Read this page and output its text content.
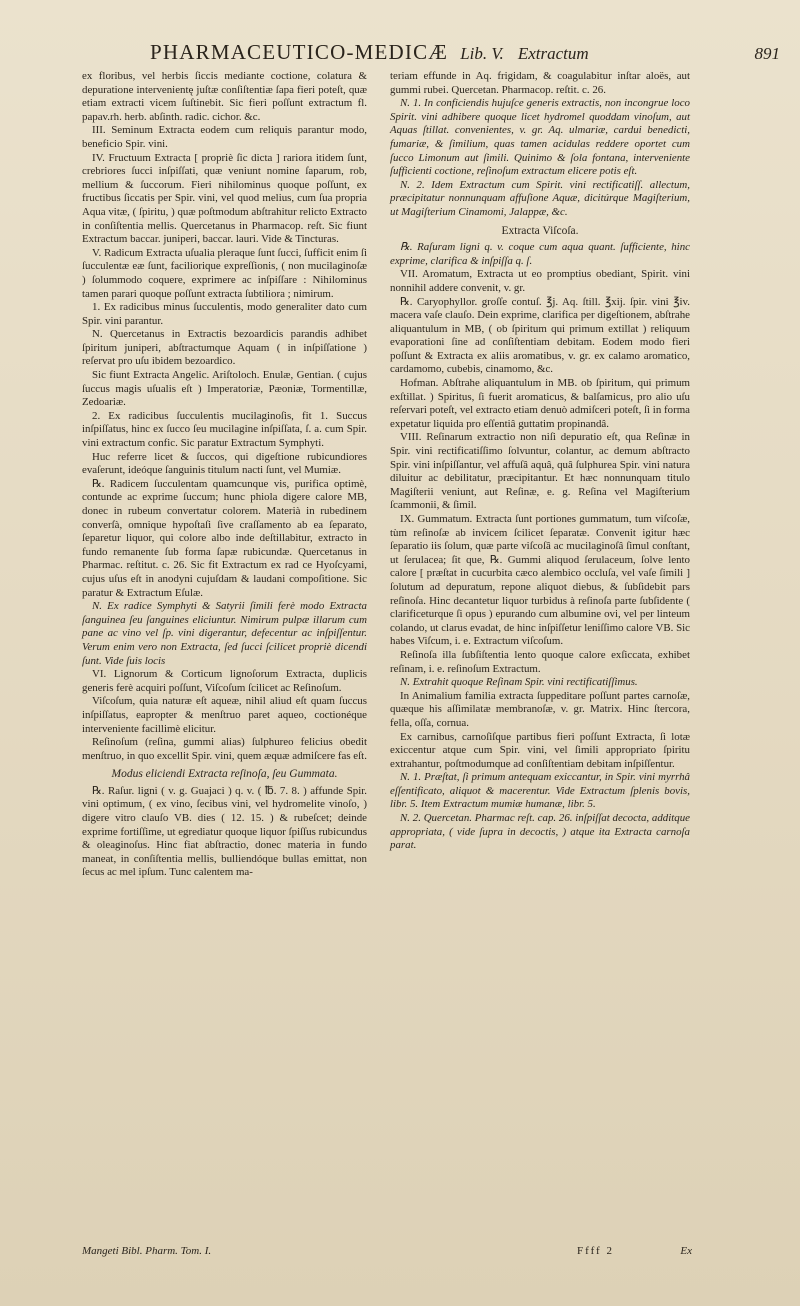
PHARMACEUTICO-MEDICÆ Lib. V. Extractum	891

ex floribus, vel herbis ſiccis mediante coctione, colatura & depuratione intervenientę juſtæ conſiſtentiæ ſapa fieri poteſt, quæ etiam extracti vicem ſuſtinebit. Sic fieri poſſunt extractum fl. papav.rh. herb. abſinth. radic. cichor. &c.

III. Seminum Extracta eodem cum reliquis parantur modo, beneficio Spir. vini.

IV. Fructuum Extracta [ propriè ſic dicta ] rariora itidem ſunt, crebriores ſucci inſpiſſati, quæ veniunt nomine ſaparum, rob, mellium & ſuccorum. Fieri nihilominus quoque poſſunt, ex fructibus ſiccatis per Spir. vini, vel quod melius, cum ſua propria Aqua vitæ, ( ſpiritu, ) quæ poſtmodum abſtrahitur relicto Extracto in conſiſtentia mellis. Quercetanus in Pharmacop. reſt. Sic fiunt Extractum baccar. juniperi, baccar. lauri. Vide & Tincturas.

V. Radicum Extracta uſualia pleraque ſunt ſucci, ſufficit enim ſi ſucculentæ eæ ſunt, faciliorique expreſſionis, ( non mucilaginoſæ ) ſolummodo coquere, exprimere ac inſpiſſare : Nihilominus tamen parari quoque poſſunt extracta ſubtiliora ; nimirum.

1. Ex radicibus minus ſucculentis, modo generaliter dato cum Spir. vini parantur.

N. Quercetanus in Extractis bezoardicis parandis adhibet ſpiritum juniperi, abſtractumque Aquam ( in inſpiſſatione ) reſervat pro uſu ibidem bezoardico.

Sic fiunt Extracta Angelic. Ariſtoloch. Enulæ, Gentian. ( cujus ſuccus magis uſualis eſt ) Imperatoriæ, Pæoniæ, Tormentillæ, Zedoariæ.

2. Ex radicibus ſucculentis mucilaginoſis, fit 1. Succus inſpiſſatus, hinc ex ſucco ſeu mucilagine inſpiſſata, ſ. a. cum Spir. vini extractum confic. Sic paratur Extractum Symphyti.

Huc referre licet & ſuccos, qui digeſtione rubicundiores evaſerunt, ideóque ſanguinis titulum nacti ſunt, vel Mumiæ.

℞. Radicem ſucculentam quamcunque vis, purifica optimè, contunde ac exprime ſuccum; hunc phiola digere calore MB, donec in rubeum convertatur colorem. Materià in rubedinem converſà, omnique hypoſtaſi ſive craſſamento ab ea ſeparato, ſeparetur liquor, qui colore albo inde deſtillabitur, extracto in fundo remanente ſub forma ſapæ rubicundæ. Quercetanus in Pharmac. reſtitut. c. 26. Sic fit Extractum ex rad ce Hyoſcyami, cujus uſus eſt in anodyni cujuſdam & laudani compoſitione. Sic paratur & Extractum Eſulæ.

N. Ex radice Symphyti & Satyrii ſimili ferè modo Extracta ſanguinea ſeu ſanguines eliciuntur. Nimirum pulpæ illarum cum pane ac vino vel ſp. vini digerantur, defecentur ac inſpiſſentur. Verum enim vero non Extracta, ſed ſucci ſcilicet propriè dicendi ſunt. Vide ſuis locis

VI. Lignorum & Corticum lignoſorum Extracta, duplicis generis ferè acquiri poſſunt, Viſcoſum ſcilicet ac Reſinoſum.

Viſcoſum, quia naturæ eſt aqueæ, nihil aliud eſt quam ſuccus inſpiſſatus, eapropter & menſtruo paret aqueo, coctionéque interveniente facillimè elicitur.

Reſinoſum (reſina, gummi alias) ſulphureo felicius obedit menſtruo, in quo excellit Spir. vini, quem æquæ admiſcere fas eſt.

Modus eliciendi Extracta reſinoſa, ſeu Gummata.

℞. Raſur. ligni ( v. g. Guajaci ) q. v. ( ℔. 7. 8. ) affunde Spir. vini optimum, ( ex vino, ſecibus vini, vel hydromelite vinoſo, ) digere vitro clauſo VB. dies ( 12. 15. ) & rubeſcet; deinde exprime fortiſſime, ut egrediatur quoque liquor ſpiſſus rubicundus & oleaginoſus. Hinc fiat abſtractio, donec materia in fundo maneat, in conſiſtentia mellis, bulliendóque bullas emittat, non ſecus ac mel ipſum. Tunc calentem ma-

teriam effunde in Aq. frigidam, & coagulabitur inſtar aloës, aut gummi rubei. Quercetan. Pharmacop. reſtit. c. 26.

N. 1. In conficiendis hujuſce generis extractis, non incongrue loco Spirit. vini adhibere quoque licet hydromel quoddam vinoſum, aut Aquas ſtillat. convenientes, v. gr. Aq. ulmariæ, cardui benedicti, fumariæ, & ſimilium, quas tamen acidulas reddere oportet cum ſucco Limonum aut ſimili. Quinimo & ſola fontana, interveniente ſufficienti coctione, reſinoſum extractum elicere potis eſt.

N. 2. Idem Extractum cum Spirit. vini rectificatiſſ. allectum, præcipitatur nonnunquam affuſione Aquæ, dicitúrque Magiſterium, ut Magiſterium Cinamomi, Jalappæ, &c.

Extracta Viſcoſa.

℞. Raſuram ligni q. v. coque cum aqua quant. ſufficiente, hinc exprime, clarifica & inſpiſſa q. ſ.

VII. Aromatum, Extracta ut eo promptius obediant, Spirit. vini nonnihil addere convenit, v. gr.

℞. Caryophyllor. groſſe contuſ. ℥j. Aq. ſtill. ℥xij. ſpir. vini ℥iv. macera vaſe clauſo. Dein exprime, clarifica per digeſtionem, abſtrahe aliquantulum in MB, ( ob ſpiritum qui primum extillat ) reliquum evaporationi ſine ad conſiſtentiam debitam. Eodem modo fieri poſſunt & Extracta ex aliis aromatibus, v. gr. ex calamo aromatico, cardamomo, cubebis, cinamomo, &c.

Hofman. Abſtrahe aliquantulum in MB. ob ſpiritum, qui primum exſtillat. ) Spiritus, ſi fuerit aromaticus, & balſamicus, pro alio uſu reſervari poteſt, vel extracto etiam denuò admiſceri poteſt, ſi in forma expetatur liquida pro eſſentiâ guttatim propinandâ.

VIII. Reſinarum extractio non niſi depuratio eſt, qua Reſinæ in Spir. vini rectificatiſſimo ſolvuntur, colantur, ac demum abſtracto Spir. vini inſpiſſantur, vel affuſâ aquâ, quâ ſulphurea Spir. vini natura diluitur ac debilitatur, præcipitantur. Et hæc nonnunquam titulo Magiſterii veniunt, aut Reſinæ, e. g. Reſina vel Magiſterium ſcammonii, & ſimil.

IX. Gummatum. Extracta ſunt portiones gummatum, tum viſcoſæ, tùm reſinoſæ ab invicem ſcilicet ſeparatæ. Convenit igitur hæc ſeparatio iis ſolum, quæ parte viſcoſâ ac mucilaginoſâ ſimul conſtant, ut ſerulacea; ſit que, ℞. Gummi aliquod ſerulaceum, ſolve lento calore [ præſtat in cucurbita cæco alembico occluſa, vel vaſe ſimili ] ſolutum ad depuratum, repone aliquot diebus, & ſubſidebit pars reſinoſa. Hinc decantetur liquor turbidus à reſinoſa parte ſubſidente ( clarificeturque ſi opus ) epurando cum albumine ovi, vel per linteum colando, ut clarus evadat, de hinc inſpiſſetur leniſſimo calore VB. Sic habes Viſcum, i. e. Extractum viſcoſum.

Reſinoſa illa ſubſiſtentia lento quoque calore exſiccata, exhibet reſinam, i. e. reſinoſum Extractum.

N. Extrahit quoque Reſinam Spir. vini rectificatiſſimus.

In Animalium familia extracta ſuppeditare poſſunt partes carnoſæ, quæque his aſſimilatæ membranoſæ, v. gr. Matrix. Hinc ſtercora, fella, oſſa, cornua.

Ex carnibus, carnoſiſque partibus fieri poſſunt Extracta, ſi lotæ exiccentur atque cum Spir. vini, vel ſimili appropriato ſpiritu extrahantur, poſtmodumque ad conſiſtentiam debitam inſpiſſentur.

N. 1. Præſtat, ſi primum antequam exiccantur, in Spir. vini myrrhâ eſſentificato, aliquot & macerentur. Vide Extractum ſplenis bovis, libr. 5. Item Extractum mumiæ humanæ, libr. 5.

N. 2. Quercetan. Pharmac reſt. cap. 26. inſpiſſat decocta, additque appropriata, ( vide ſupra in decoctis, ) atque ita Extracta carnoſa parat.

Mangeti Bibl. Pharm. Tom. I.	Ffff 2	Ex
